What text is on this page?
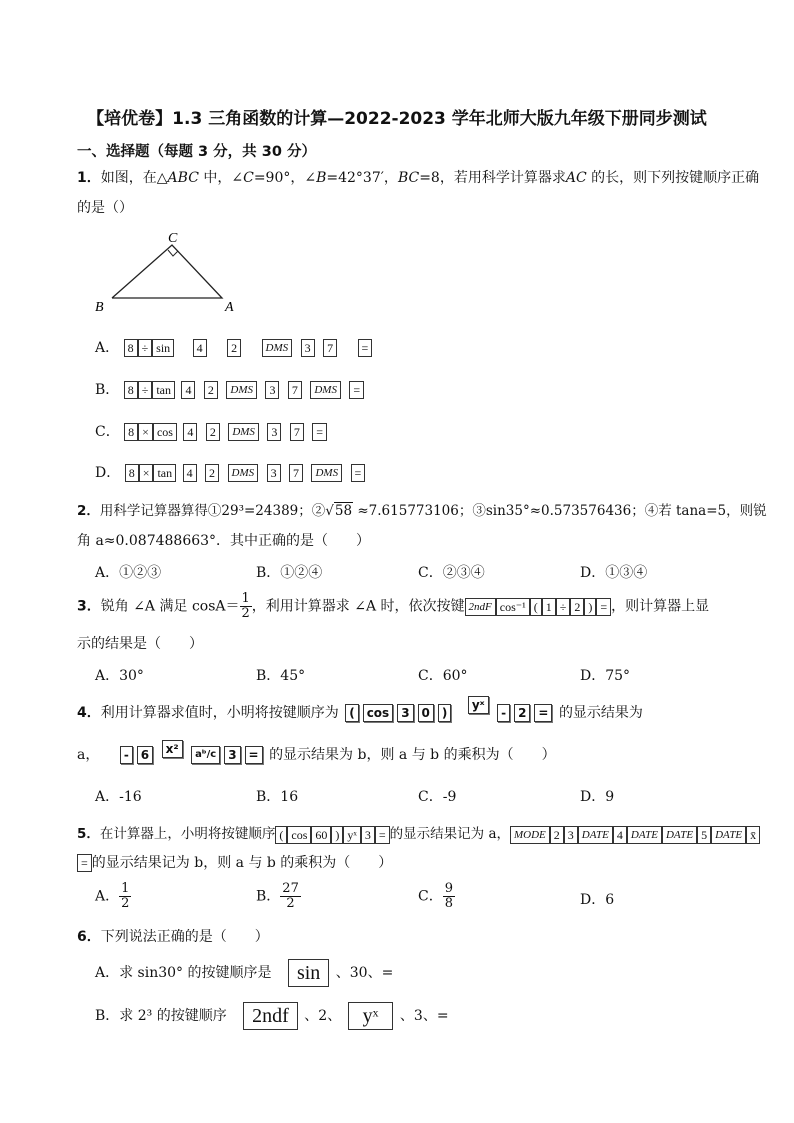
【培优卷】1.3 三角函数的计算—2022-2023 学年北师大版九年级下册同步测试
一、选择题（每题 3 分，共 30 分）
1．如图，在△ABC 中，∠C=90°，∠B=42°37′，BC=8，若用科学计算器求AC 的长，则下列按键顺序正确
的是（）
C
B	A
A． 8 ÷ sin 4 2	DMS 3 7 =
B． 8 ÷ tan 4 2 DMS 3 7 DMS =
C． 8 × cos 4 2 DMS 3 7 =
D． 8 × tan 4 2 DMS 3 7 DMS =
2．用科学记算器算得①29³=24389；②√58 ≈7.615773106；③sin35°≈0.573576436；④若 tana=5，则锐
角 a≈0.087488663°．其中正确的是（　　）
A．①②③	B．①②④	C．②③④	D．①③④
3．锐角 ∠A 满足 $\cos A= \frac{1}{2}$ ，利用计算器求 ∠A 时，依次按键 2ndF cos⁻¹ ( 1 ÷ 2 ) = ，则计算器上显
示的结果是（　　）
A．30°	B．45°	C．60°	D．75°
4．利用计算器求值时，小明将按键顺序为 ( cos 3 0 ) yˣ - 2 = 的显示结果为
a， - 6 x² aᵇ/c 3 = 的显示结果为 b，则 a 与 b 的乘积为（　　）
A．-16	B．16	C．-9	D．9
5．在计算器上，小明将按键顺序 ( cos 60 ) yˣ 3 = 的显示结果记为 a， MODE 2 3 DATE 4 DATE DATE 5 DATE x̄
= 的显示结果记为 b，则 a 与 b 的乘积为（　　）
A． $\frac{1}{2}$	B． $\frac{27}{2}$	C． $\frac{9}{8}$	D．6
6．下列说法正确的是（　　）
A．求 sin30° 的按键顺序是 sin 、30、=
B．求 2³ 的按键顺序 2ndf 、2、 yˣ 、3、=
